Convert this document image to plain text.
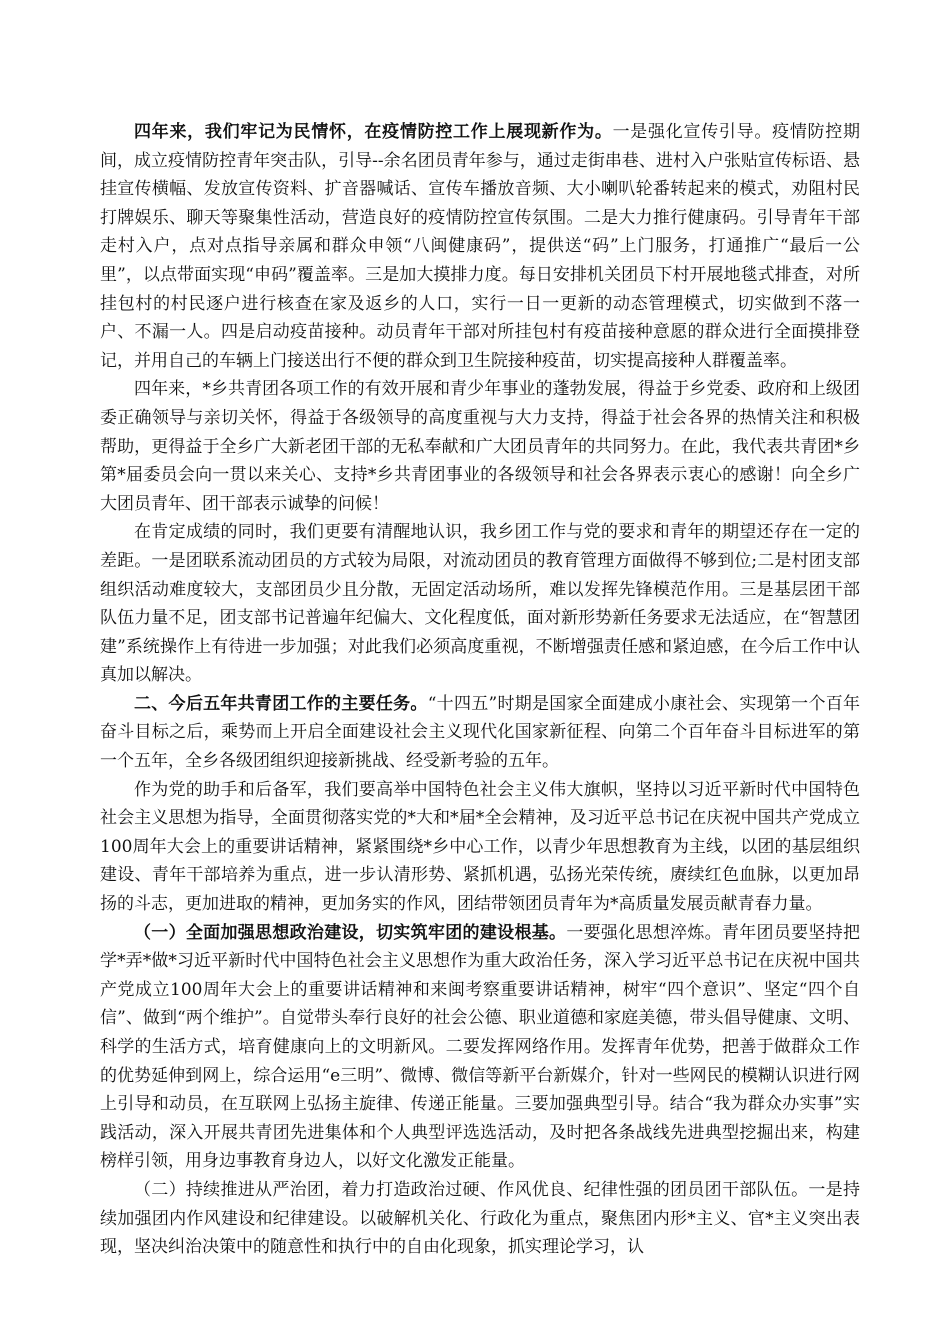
四年来，我们牢记为民情怀，在疫情防控工作上展现新作为。一是强化宣传引导。疫情防控期间，成立疫情防控青年突击队，引导--余名团员青年参与，通过走街串巷、进村入户张贴宣传标语、悬挂宣传横幅、发放宣传资料、扩音器喊话、宣传车播放音频、大小喇叭轮番转起来的模式，劝阻村民打牌娱乐、聊天等聚集性活动，营造良好的疫情防控宣传氛围。二是大力推行健康码。引导青年干部走村入户，点对点指导亲属和群众申领“八闽健康码”，提供送“码”上门服务，打通推广“最后一公里”，以点带面实现“申码”覆盖率。三是加大摸排力度。每日安排机关团员下村开展地毯式排查，对所挂包村的村民逐户进行核查在家及返乡的人口，实行一日一更新的动态管理模式，切实做到不落一户、不漏一人。四是启动疫苗接种。动员青年干部对所挂包村有疫苗接种意愿的群众进行全面摸排登记，并用自己的车辆上门接送出行不便的群众到卫生院接种疫苗，切实提高接种人群覆盖率。

四年来，*乡共青团各项工作的有效开展和青少年事业的蓬勃发展，得益于乡党委、政府和上级团委正确领导与亲切关怀，得益于各级领导的高度重视与大力支持，得益于社会各界的热情关注和积极帮助，更得益于全乡广大新老团干部的无私奉献和广大团员青年的共同努力。在此，我代表共青团*乡第*届委员会向一贯以来关心、支持*乡共青团事业的各级领导和社会各界表示衷心的感谢！向全乡广大团员青年、团干部表示诚挚的问候！

在肯定成绩的同时，我们更要有清醒地认识，我乡团工作与党的要求和青年的期望还存在一定的差距。一是团联系流动团员的方式较为局限，对流动团员的教育管理方面做得不够到位;二是村团支部组织活动难度较大，支部团员少且分散，无固定活动场所，难以发挥先锋模范作用。三是基层团干部队伍力量不足，团支部书记普遍年纪偏大、文化程度低，面对新形势新任务要求无法适应，在“智慧团建”系统操作上有待进一步加强；对此我们必须高度重视，不断增强责任感和紧迫感，在今后工作中认真加以解决。

二、今后五年共青团工作的主要任务。“十四五”时期是国家全面建成小康社会、实现第一个百年奋斗目标之后，乘势而上开启全面建设社会主义现代化国家新征程、向第二个百年奋斗目标进军的第一个五年，全乡各级团组织迎接新挑战、经受新考验的五年。

作为党的助手和后备军，我们要高举中国特色社会主义伟大旗帜，坚持以习近平新时代中国特色社会主义思想为指导，全面贯彻落实党的*大和*届*全会精神，及习近平总书记在庆祝中国共产党成立100周年大会上的重要讲话精神，紧紧围绕*乡中心工作，以青少年思想教育为主线，以团的基层组织建设、青年干部培养为重点，进一步认清形势、紧抓机遇，弘扬光荣传统，赓续红色血脉，以更加昂扬的斗志，更加进取的精神，更加务实的作风，团结带领团员青年为*高质量发展贡献青春力量。

（一）全面加强思想政治建设，切实筑牢团的建设根基。一要强化思想淬炼。青年团员要坚持把学*弄*做*习近平新时代中国特色社会主义思想作为重大政治任务，深入学习近平总书记在庆祝中国共产党成立100周年大会上的重要讲话精神和来闽考察重要讲话精神，树牢“四个意识”、坚定“四个自信”、做到“两个维护”。自觉带头奉行良好的社会公德、职业道德和家庭美德，带头倡导健康、文明、科学的生活方式，培育健康向上的文明新风。二要发挥网络作用。发挥青年优势，把善于做群众工作的优势延伸到网上，综合运用“e三明”、微博、微信等新平台新媒介，针对一些网民的模糊认识进行网上引导和动员，在互联网上弘扬主旋律、传递正能量。三要加强典型引导。结合“我为群众办实事”实践活动，深入开展共青团先进集体和个人典型评选选活动，及时把各条战线先进典型挖掘出来，构建榜样引领，用身边事教育身边人，以好文化激发正能量。

（二）持续推进从严治团，着力打造政治过硬、作风优良、纪律性强的团员团干部队伍。一是持续加强团内作风建设和纪律建设。以破解机关化、行政化为重点，聚焦团内形*主义、官*主义突出表现，坚决纠治决策中的随意性和执行中的自由化现象，抓实理论学习，认
